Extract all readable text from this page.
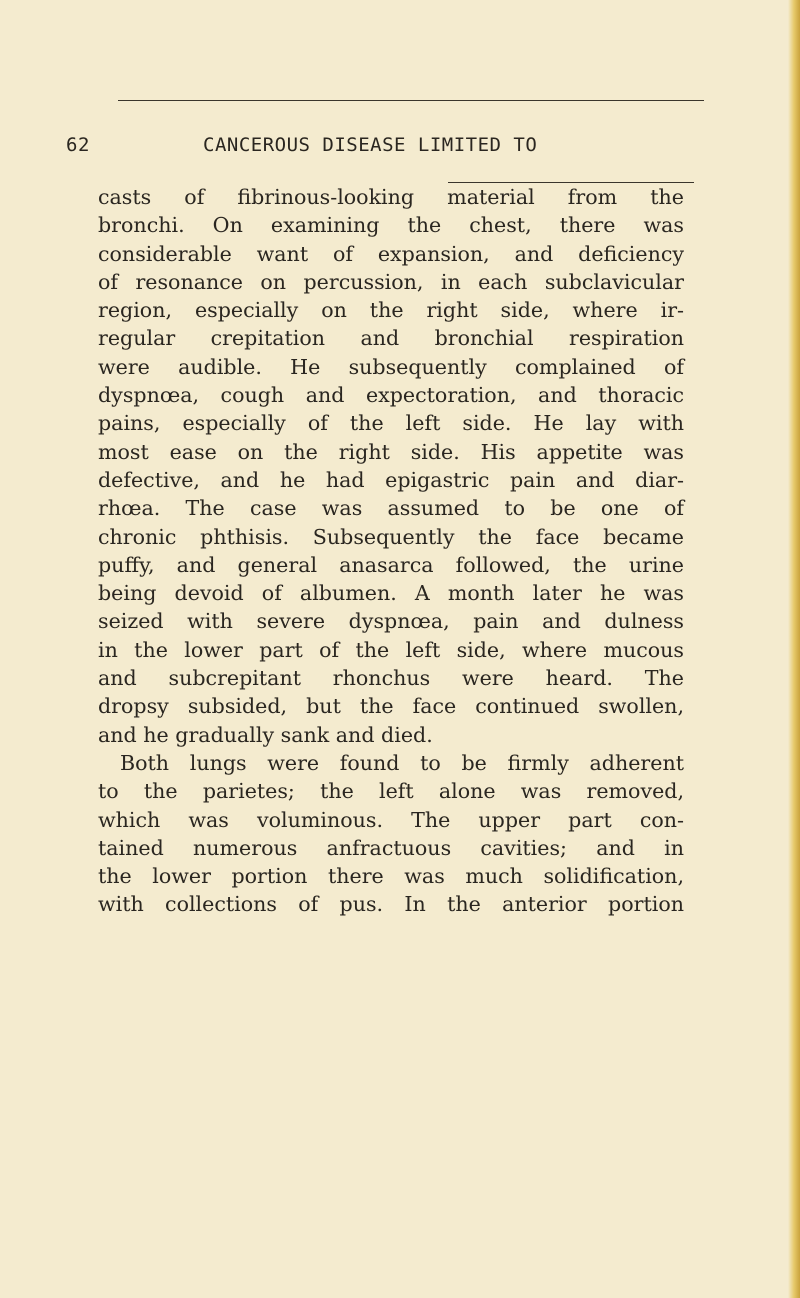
62	CANCEROUS DISEASE LIMITED TO
casts of fibrinous-looking material from the
bronchi. On examining the chest, there was
considerable want of expansion, and deficiency
of resonance on percussion, in each subclavicular
region, especially on the right side, where ir-
regular crepitation and bronchial respiration
were audible. He subsequently complained of
dyspnœa, cough and expectoration, and thoracic
pains, especially of the left side. He lay with
most ease on the right side. His appetite was
defective, and he had epigastric pain and diar-
rhœa. The case was assumed to be one of
chronic phthisis. Subsequently the face became
puffy, and general anasarca followed, the urine
being devoid of albumen. A month later he was
seized with severe dyspnœa, pain and dulness
in the lower part of the left side, where mucous
and subcrepitant rhonchus were heard. The
dropsy subsided, but the face continued swollen,
and he gradually sank and died.
Both lungs were found to be firmly adherent
to the parietes; the left alone was removed,
which was voluminous. The upper part con-
tained numerous anfractuous cavities; and in
the lower portion there was much solidification,
with collections of pus. In the anterior portion
